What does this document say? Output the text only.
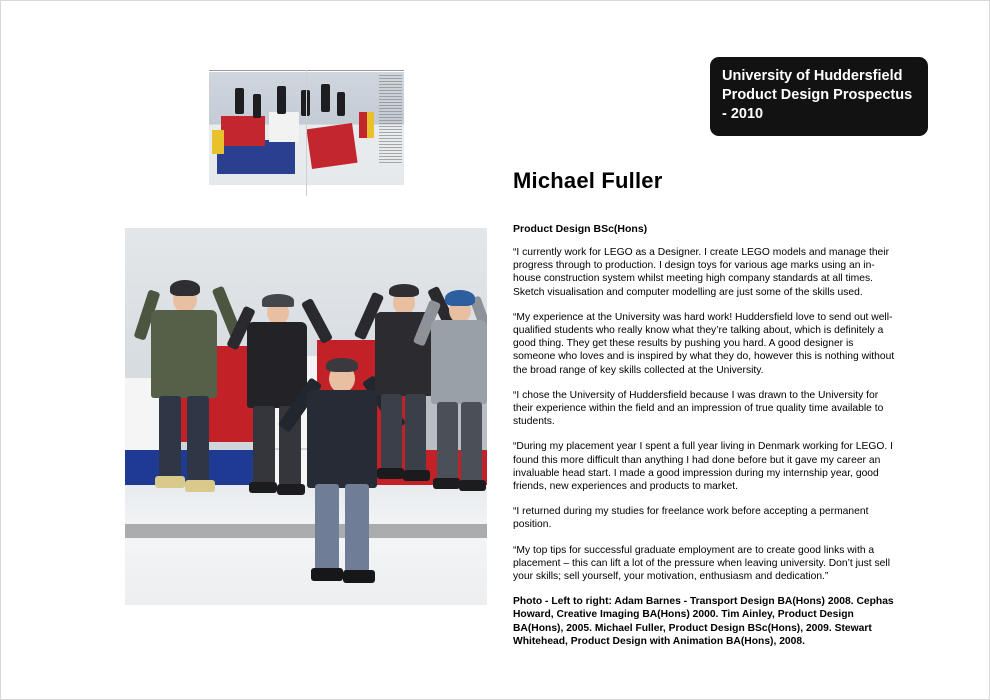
University of Huddersfield
Product Design Prospectus
- 2010
Michael Fuller

Product Design BSc(Hons)

“I currently work for LEGO as a Designer. I create LEGO models and manage their progress through to production. I design toys for various age marks using an in-house construction system whilst meeting high company standards at all times. Sketch visualisation and computer modelling are just some of the skills used.

“My experience at the University was hard work! Huddersfield love to send out well-qualified students who really know what they’re talking about, which is definitely a good thing. They get these results by pushing you hard. A good designer is someone who loves and is inspired by what they do, however this is nothing without the broad range of key skills collected at the University.

“I chose the University of Huddersfield because I was drawn to the University for their experience within the field and an impression of true quality time available to students.

“During my placement year I spent a full year living in Denmark working for LEGO. I found this more difficult than anything I had done before but it gave my career an invaluable head start. I made a good impression during my internship year, good friends, new experiences and products to market.

“I returned during my studies for freelance work before accepting a permanent position.

“My top tips for successful graduate employment are to create good links with a placement – this can lift a lot of the pressure when leaving university. Don’t just sell your skills; sell yourself, your motivation, enthusiasm and dedication.”

Photo - Left to right: Adam Barnes - Transport Design BA(Hons) 2008. Cephas Howard, Creative Imaging BA(Hons) 2000. Tim Ainley, Product Design BA(Hons), 2005. Michael Fuller, Product Design BSc(Hons), 2009. Stewart Whitehead, Product Design with Animation BA(Hons), 2008.
